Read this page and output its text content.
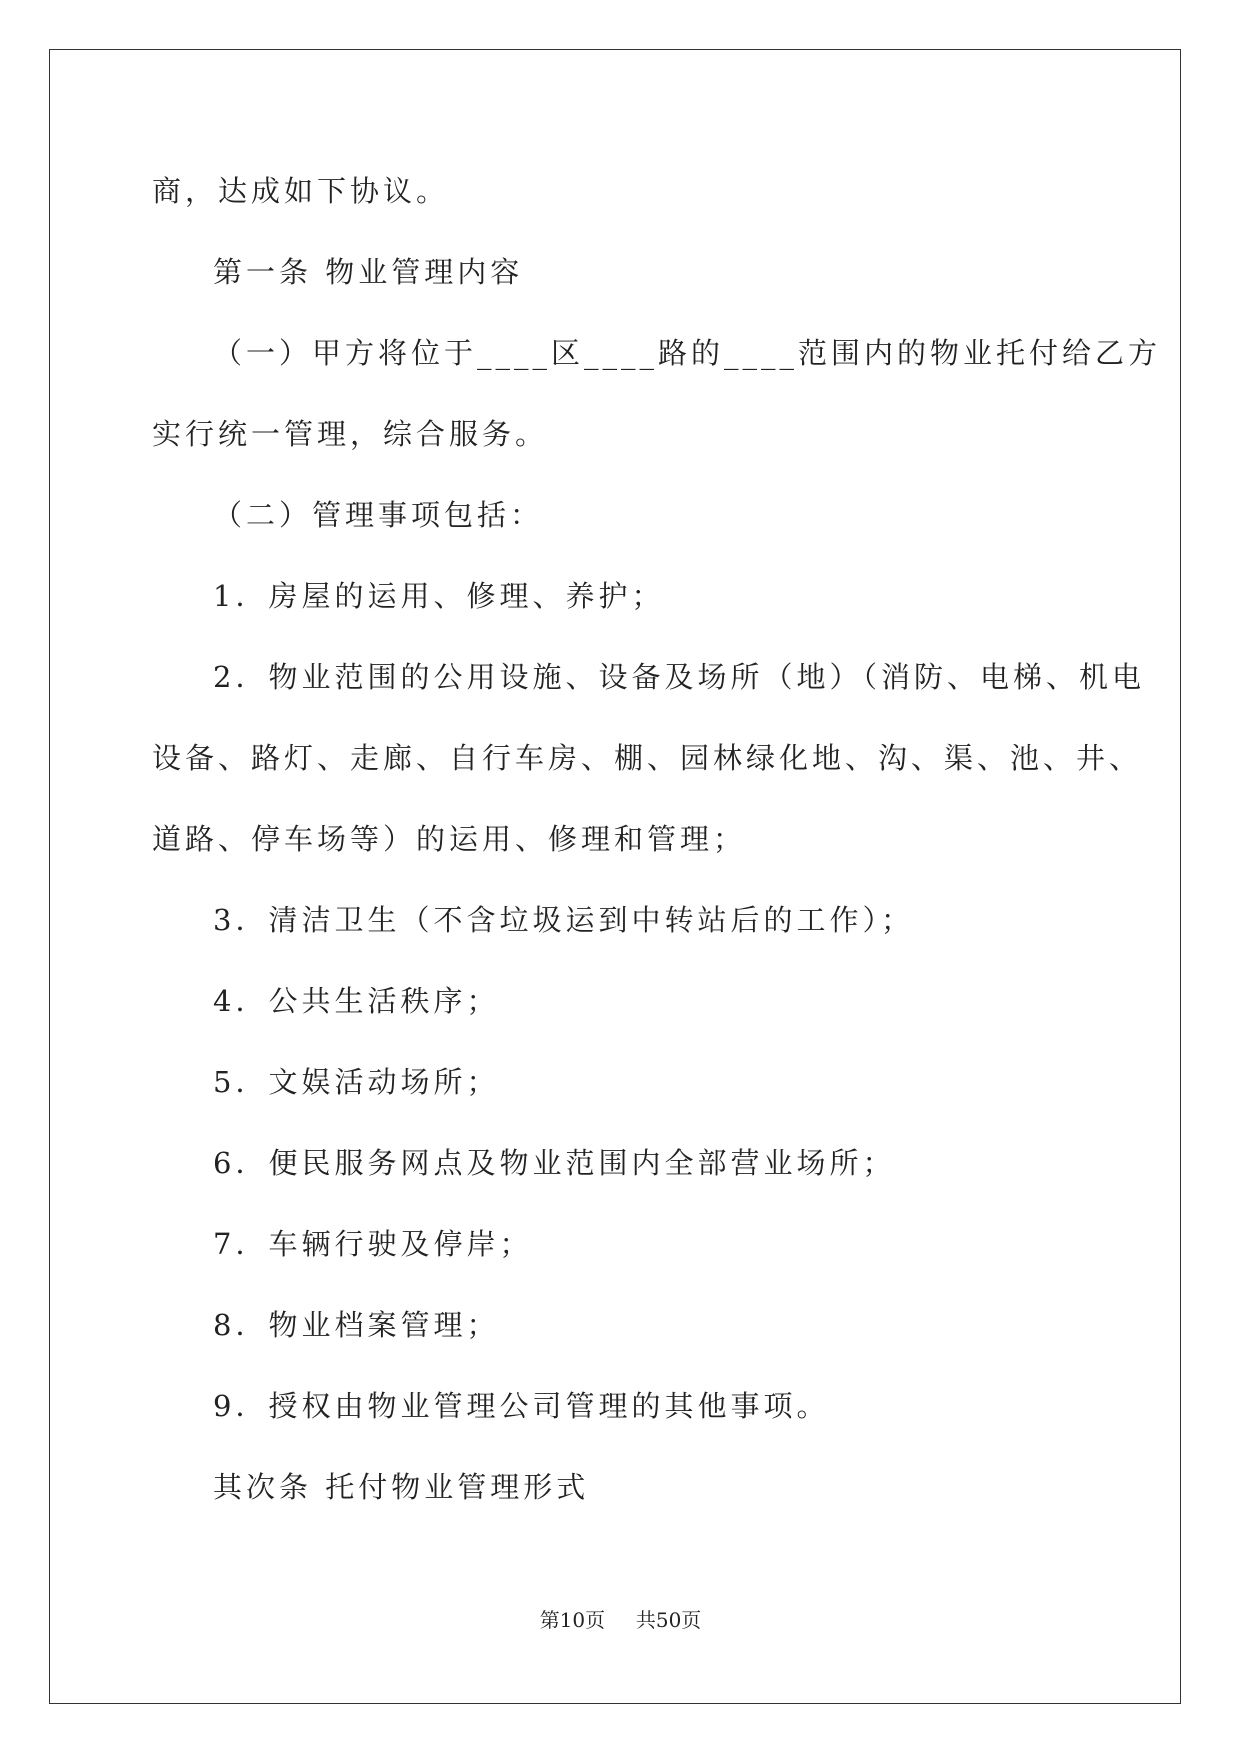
商，达成如下协议。
第一条 物业管理内容
（一）甲方将位于____区____路的____范围内的物业托付给乙方
实行统一管理，综合服务。
（二）管理事项包括：
1．房屋的运用、修理、养护；
2．物业范围的公用设施、设备及场所（地）（消防、电梯、机电
设备、路灯、走廊、自行车房、棚、园林绿化地、沟、渠、池、井、
道路、停车场等）的运用、修理和管理；
3．清洁卫生（不含垃圾运到中转站后的工作）；
4．公共生活秩序；
5．文娱活动场所；
6．便民服务网点及物业范围内全部营业场所；
7．车辆行驶及停岸；
8．物业档案管理；
9．授权由物业管理公司管理的其他事项。
其次条 托付物业管理形式
第10页 共50页
